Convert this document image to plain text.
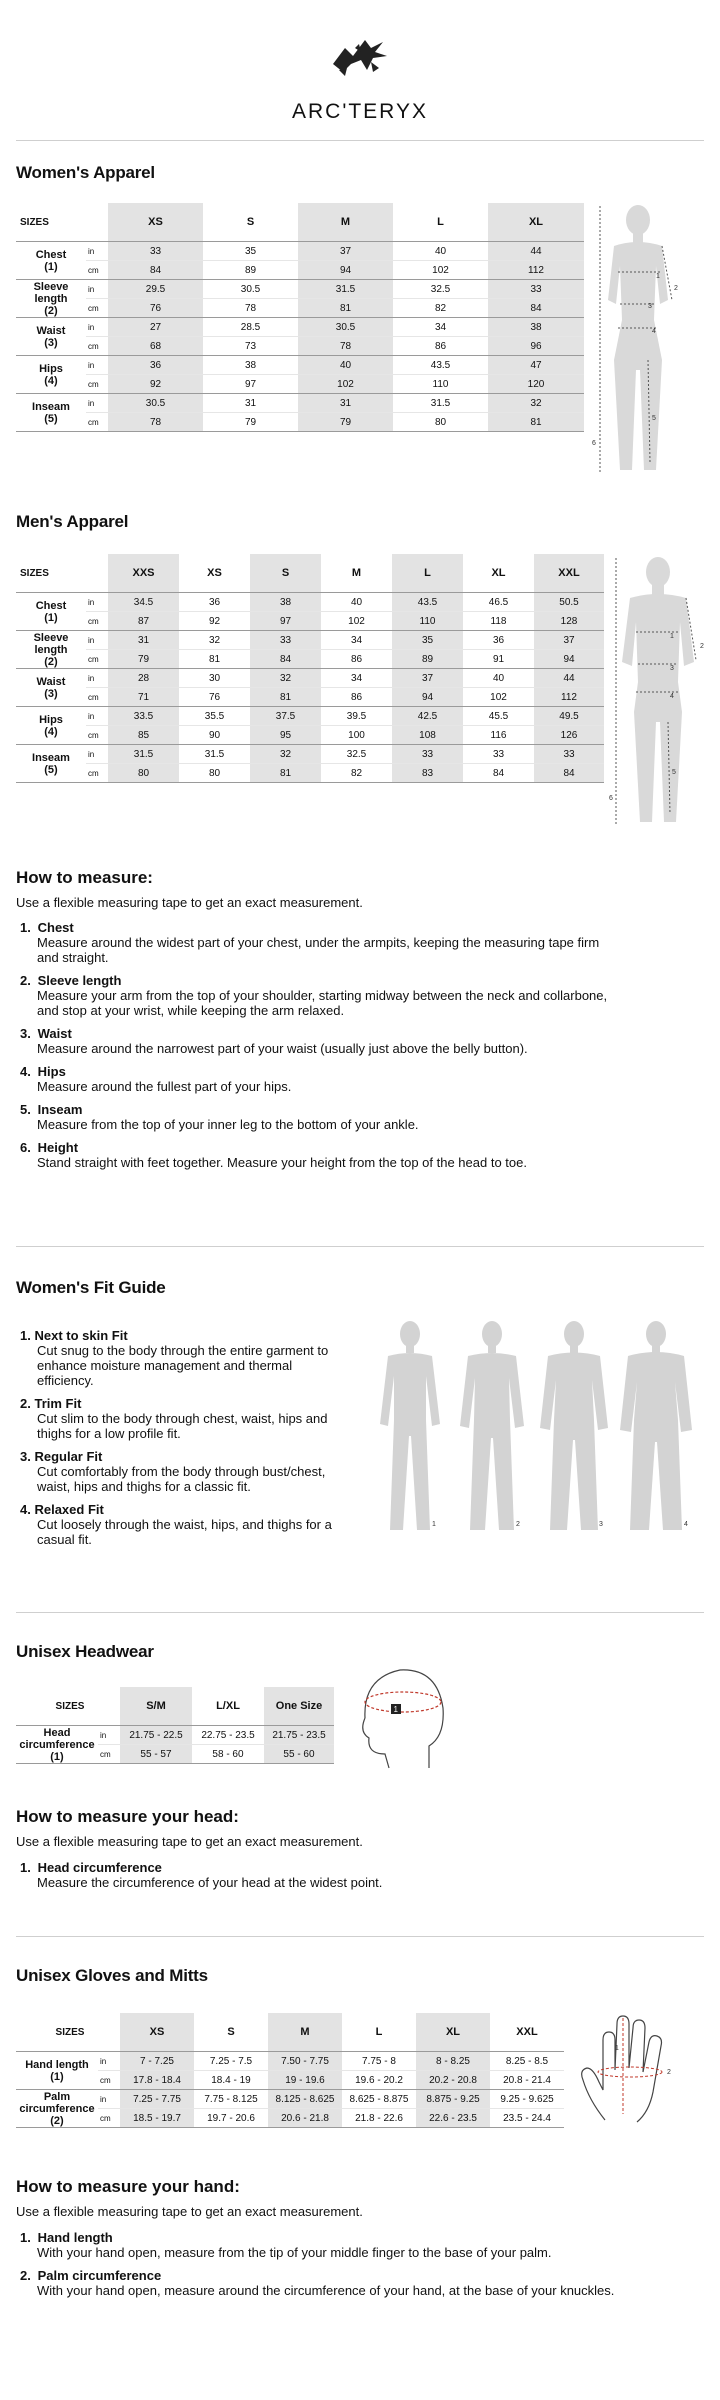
ARC'TERYX
Women's Apparel
SIZES		XS	S	M	L	XL
Chest
(1)	in	33	35	37	40	44
	cm	84	89	94	102	112
Sleeve length
(2)	in	29.5	30.5	31.5	32.5	33
	cm	76	78	81	82	84
Waist
(3)	in	27	28.5	30.5	34	38
	cm	68	73	78	86	96
Hips
(4)	in	36	38	40	43.5	47
	cm	92	97	102	110	120
Inseam
(5)	in	30.5	31	31	31.5	32
	cm	78	79	79	80	81
1
2
3
4
5
6
Men's Apparel
SIZES		XXS	XS	S	M	L	XL	XXL
Chest
(1)	in	34.5	36	38	40	43.5	46.5	50.5
	cm	87	92	97	102	110	118	128
Sleeve length
(2)	in	31	32	33	34	35	36	37
	cm	79	81	84	86	89	91	94
Waist
(3)	in	28	30	32	34	37	40	44
	cm	71	76	81	86	94	102	112
Hips
(4)	in	33.5	35.5	37.5	39.5	42.5	45.5	49.5
	cm	85	90	95	100	108	116	126
Inseam
(5)	in	31.5	31.5	32	32.5	33	33	33
	cm	80	80	81	82	83	84	84
1
2
3
4
5
6
How to measure:
Use a flexible measuring tape to get an exact measurement.
1. Chest
Measure around the widest part of your chest, under the armpits, keeping the measuring tape firm and straight.
2. Sleeve length
Measure your arm from the top of your shoulder, starting midway between the neck and collarbone, and stop at your wrist, while keeping the arm relaxed.
3. Waist
Measure around the narrowest part of your waist (usually just above the belly button).
4. Hips
Measure around the fullest part of your hips.
5. Inseam
Measure from the top of your inner leg to the bottom of your ankle.
6. Height
Stand straight with feet together. Measure your height from the top of the head to toe.
Women's Fit Guide
1. Next to skin Fit
Cut snug to the body through the entire garment to enhance moisture management and thermal efficiency.
2. Trim Fit
Cut slim to the body through chest, waist, hips and thighs for a low profile fit.
3. Regular Fit
Cut comfortably from the body through bust/chest, waist, hips and thighs for a classic fit.
4. Relaxed Fit
Cut loosely through the waist, hips, and thighs for a casual fit.
1	2	3	4
Unisex Headwear
SIZES		S/M	L/XL	One Size
Head circumference
(1)	in	21.75 - 22.5	22.75 - 23.5	21.75 - 23.5
	cm	55 - 57	58 - 60	55 - 60
1
How to measure your head:
Use a flexible measuring tape to get an exact measurement.
1. Head circumference
Measure the circumference of your head at the widest point.
Unisex Gloves and Mitts
SIZES		XS	S	M	L	XL	XXL
Hand length
(1)	in	7 - 7.25	7.25 - 7.5	7.50 - 7.75	7.75 - 8	8 - 8.25	8.25 - 8.5
	cm	17.8 - 18.4	18.4 - 19	19 - 19.6	19.6 - 20.2	20.2 - 20.8	20.8 - 21.4
Palm circumference
(2)	in	7.25 - 7.75	7.75 - 8.125	8.125 - 8.625	8.625 - 8.875	8.875 - 9.25	9.25 - 9.625
	cm	18.5 - 19.7	19.7 - 20.6	20.6 - 21.8	21.8 - 22.6	22.6 - 23.5	23.5 - 24.4
1
2
How to measure your hand:
Use a flexible measuring tape to get an exact measurement.
1. Hand length
With your hand open, measure from the tip of your middle finger to the base of your palm.
2. Palm circumference
With your hand open, measure around the circumference of your hand, at the base of your knuckles.
